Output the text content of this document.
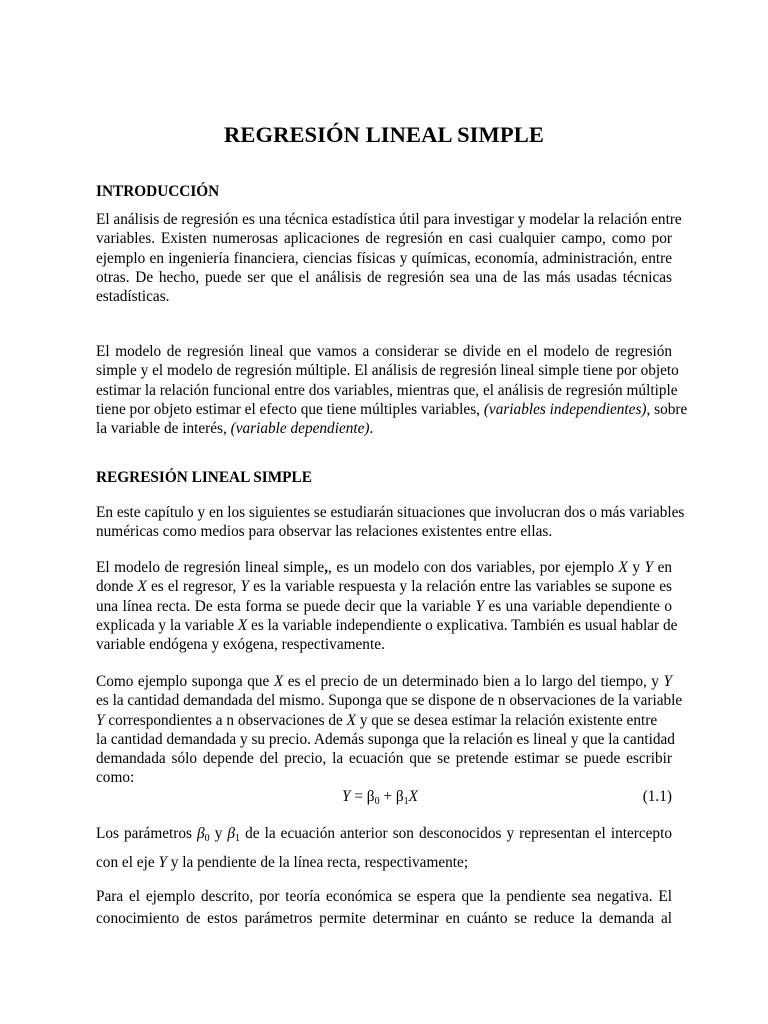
REGRESIÓN LINEAL SIMPLE
INTRODUCCIÓN
El análisis de regresión es una técnica estadística útil para investigar y modelar la relación entre
variables. Existen numerosas aplicaciones de regresión en casi cualquier campo, como por
ejemplo en ingeniería financiera, ciencias físicas y químicas, economía, administración, entre
otras. De hecho, puede ser que el análisis de regresión sea una de las más usadas técnicas
estadísticas.
El modelo de regresión lineal que vamos a considerar se divide en el modelo de regresión
simple y el modelo de regresión múltiple. El análisis de regresión lineal simple tiene por objeto
estimar la relación funcional entre dos variables, mientras que, el análisis de regresión múltiple
tiene por objeto estimar el efecto que tiene múltiples variables, (variables independientes), sobre
la variable de interés, (variable dependiente).
REGRESIÓN LINEAL SIMPLE
En este capítulo y en los siguientes se estudiarán situaciones que involucran dos o más variables
numéricas como medios para observar las relaciones existentes entre ellas.
El modelo de regresión lineal simple,, es un modelo con dos variables, por ejemplo X y Y en
donde X es el regresor, Y es la variable respuesta y la relación entre las variables se supone es
una línea recta. De esta forma se puede decir que la variable Y es una variable dependiente o
explicada y la variable X es la variable independiente o explicativa. También es usual hablar de
variable endógena y exógena, respectivamente.
Como ejemplo suponga que X es el precio de un determinado bien a lo largo del tiempo, y Y
es la cantidad demandada del mismo. Suponga que se dispone de n observaciones de la variable
Y correspondientes a n observaciones de X y que se desea estimar la relación existente entre
la cantidad demandada y su precio. Además suponga que la relación es lineal y que la cantidad
demandada sólo depende del precio, la ecuación que se pretende estimar se puede escribir
como:
$Y = \beta_0 + \beta_1X$	(1.1)
Los parámetros $\beta_0$ y $\beta_1$ de la ecuación anterior son desconocidos y representan el intercepto
con el eje Y y la pendiente de la línea recta, respectivamente;
Para el ejemplo descrito, por teoría económica se espera que la pendiente sea negativa. El
conocimiento de estos parámetros permite determinar en cuánto se reduce la demanda al
